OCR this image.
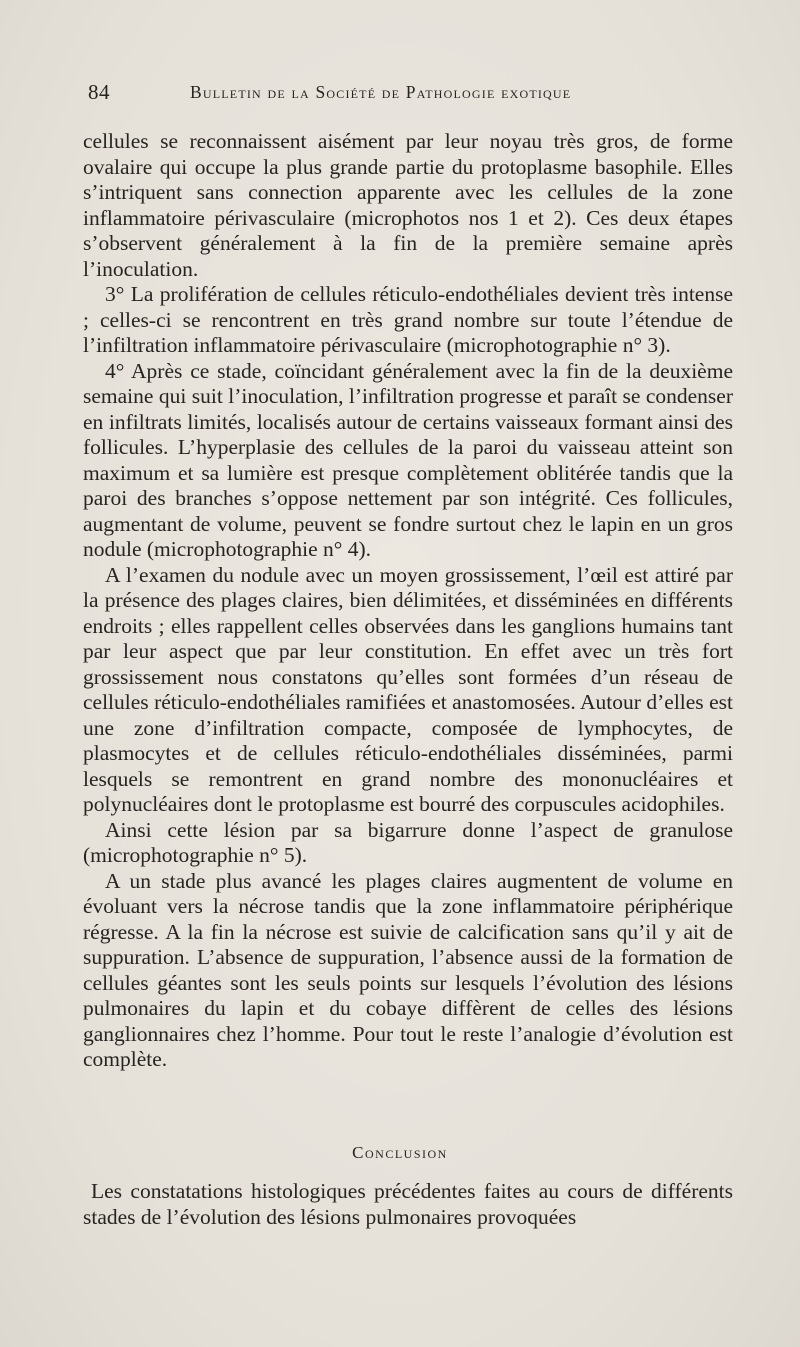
84	Bulletin de la Société de Pathologie exotique

cellules se reconnaissent aisément par leur noyau très gros, de forme ovalaire qui occupe la plus grande partie du protoplasme basophile. Elles s’intriquent sans connection apparente avec les cellules de la zone inflammatoire périvasculaire (microphotos nos 1 et 2). Ces deux étapes s’observent généralement à la fin de la première semaine après l’inoculation.

3° La prolifération de cellules réticulo-endothéliales devient très intense ; celles-ci se rencontrent en très grand nombre sur toute l’étendue de l’infiltration inflammatoire périvasculaire (microphotographie n° 3).

4° Après ce stade, coïncidant généralement avec la fin de la deuxième semaine qui suit l’inoculation, l’infiltration progresse et paraît se condenser en infiltrats limités, localisés autour de certains vaisseaux formant ainsi des follicules. L’hyperplasie des cellules de la paroi du vaisseau atteint son maximum et sa lumière est presque complètement oblitérée tandis que la paroi des branches s’oppose nettement par son intégrité. Ces follicules, augmentant de volume, peuvent se fondre surtout chez le lapin en un gros nodule (microphotographie n° 4).

A l’examen du nodule avec un moyen grossissement, l’œil est attiré par la présence des plages claires, bien délimitées, et disséminées en différents endroits ; elles rappellent celles observées dans les ganglions humains tant par leur aspect que par leur constitution. En effet avec un très fort grossissement nous constatons qu’elles sont formées d’un réseau de cellules réticulo-endothéliales ramifiées et anastomosées. Autour d’elles est une zone d’infiltration compacte, composée de lymphocytes, de plasmocytes et de cellules réticulo-endothéliales disséminées, parmi lesquels se remontrent en grand nombre des mononucléaires et polynucléaires dont le protoplasme est bourré des corpuscules acidophiles.

Ainsi cette lésion par sa bigarrure donne l’aspect de granulose (microphotographie n° 5).

A un stade plus avancé les plages claires augmentent de volume en évoluant vers la nécrose tandis que la zone inflammatoire périphérique régresse. A la fin la nécrose est suivie de calcification sans qu’il y ait de suppuration. L’absence de suppuration, l’absence aussi de la formation de cellules géantes sont les seuls points sur lesquels l’évolution des lésions pulmonaires du lapin et du cobaye diffèrent de celles des lésions ganglionnaires chez l’homme. Pour tout le reste l’analogie d’évolution est complète.

Conclusion

Les constatations histologiques précédentes faites au cours de différents stades de l’évolution des lésions pulmonaires provoquées
